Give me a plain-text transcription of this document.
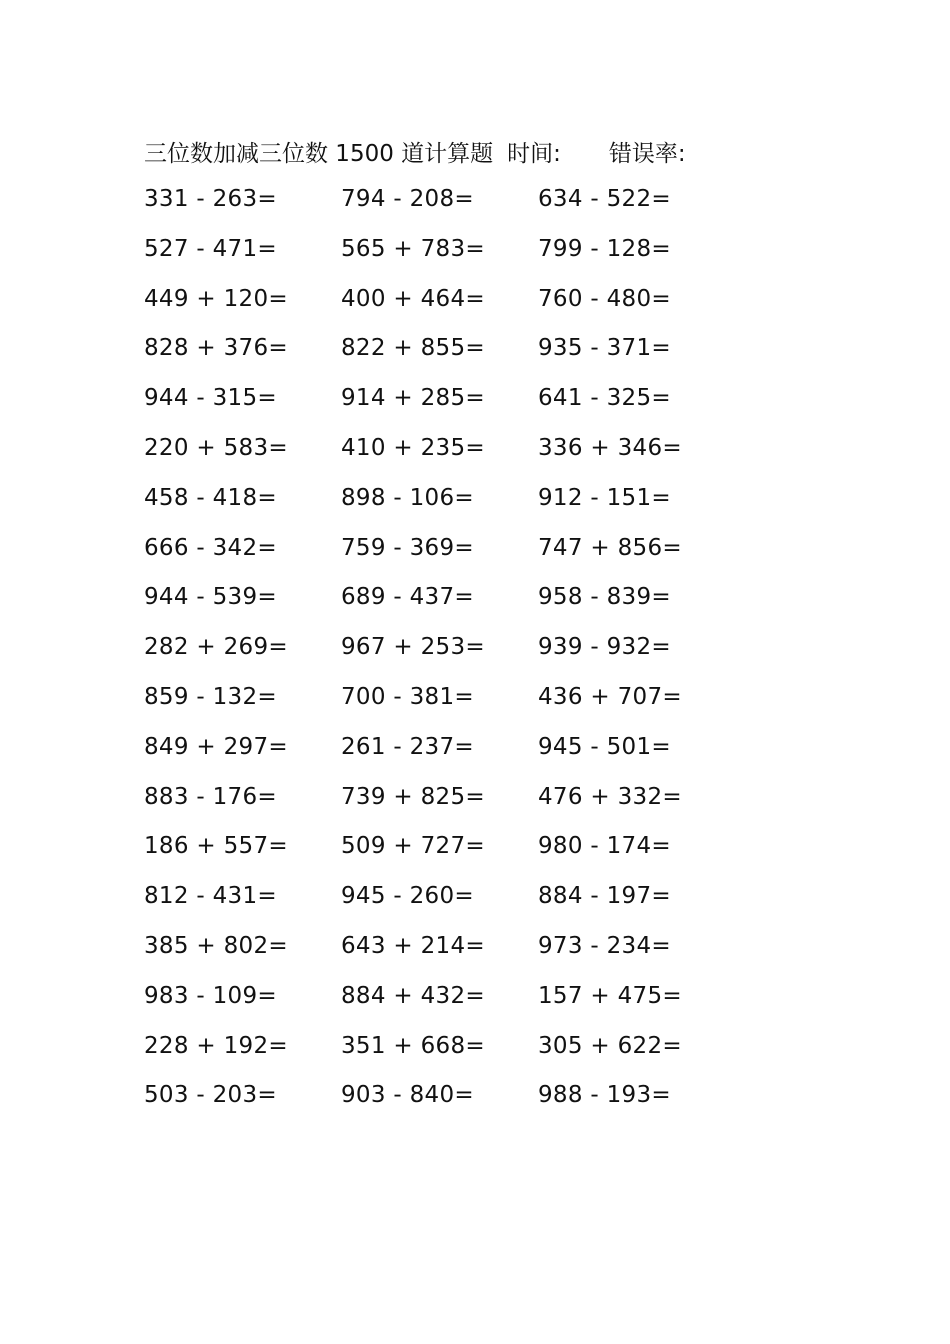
三位数加减三位数 1500 道计算题 时间: 错误率:
331 - 263=	794 - 208=	634 - 522=
527 - 471=	565 + 783=	799 - 128=
449 + 120=	400 + 464=	760 - 480=
828 + 376=	822 + 855=	935 - 371=
944 - 315=	914 + 285=	641 - 325=
220 + 583=	410 + 235=	336 + 346=
458 - 418=	898 - 106=	912 - 151=
666 - 342=	759 - 369=	747 + 856=
944 - 539=	689 - 437=	958 - 839=
282 + 269=	967 + 253=	939 - 932=
859 - 132=	700 - 381=	436 + 707=
849 + 297=	261 - 237=	945 - 501=
883 - 176=	739 + 825=	476 + 332=
186 + 557=	509 + 727=	980 - 174=
812 - 431=	945 - 260=	884 - 197=
385 + 802=	643 + 214=	973 - 234=
983 - 109=	884 + 432=	157 + 475=
228 + 192=	351 + 668=	305 + 622=
503 - 203=	903 - 840=	988 - 193=
